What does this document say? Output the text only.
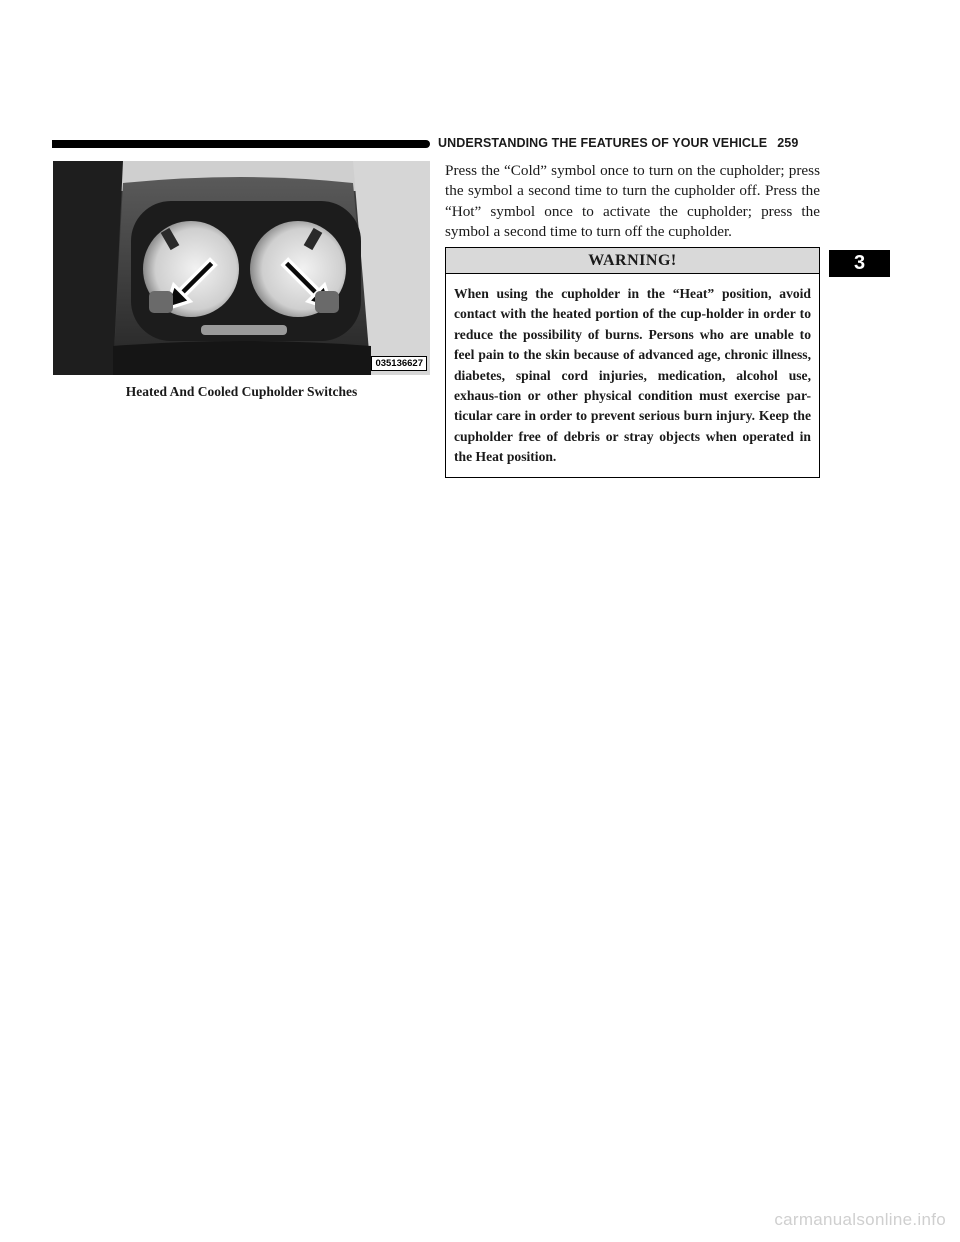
UNDERSTANDING THE FEATURES OF YOUR VEHICLE 259
035136627
Heated And Cooled Cupholder Switches

Press the “Cold” symbol once to turn on the cupholder; press the symbol a second time to turn the cupholder off. Press the “Hot” symbol once to activate the cupholder; press the symbol a second time to turn off the cupholder.

WARNING!

When using the cupholder in the “Heat” position, avoid contact with the heated portion of the cup-holder in order to reduce the possibility of burns. Persons who are unable to feel pain to the skin because of advanced age, chronic illness, diabetes, spinal cord injuries, medication, alcohol use, exhaus-tion or other physical condition must exercise par-ticular care in order to prevent serious burn injury. Keep the cupholder free of debris or stray objects when operated in the Heat position.

3
carmanualsonline.info
